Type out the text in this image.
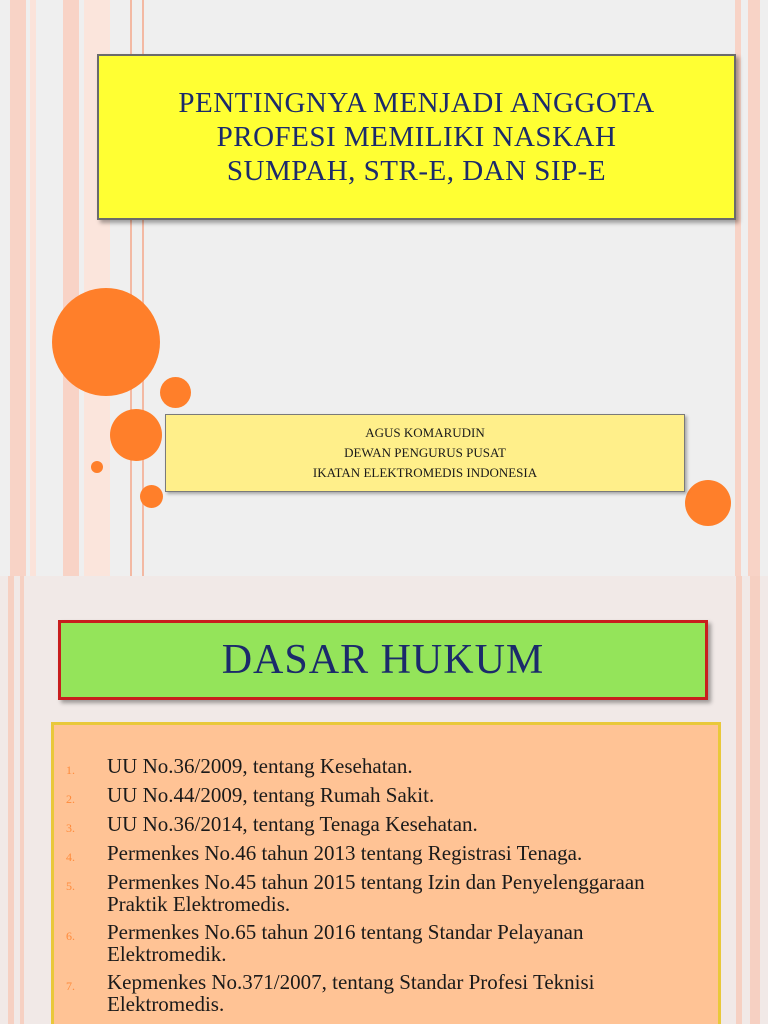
PENTINGNYA MENJADI ANGGOTA
PROFESI MEMILIKI NASKAH
SUMPAH, STR-E, DAN SIP-E
AGUS KOMARUDIN
DEWAN PENGURUS PUSAT
IKATAN ELEKTROMEDIS INDONESIA
DASAR HUKUM
1.	UU No.36/2009, tentang Kesehatan.
2.	UU No.44/2009, tentang Rumah Sakit.
3.	UU No.36/2014, tentang Tenaga Kesehatan.
4.	Permenkes No.46 tahun 2013 tentang Registrasi Tenaga.
5.	Permenkes No.45 tahun 2015 tentang Izin dan Penyelenggaraan Praktik Elektromedis.
6.	Permenkes No.65 tahun 2016 tentang Standar Pelayanan Elektromedik.
7.	Kepmenkes No.371/2007, tentang Standar Profesi Teknisi Elektromedis.
